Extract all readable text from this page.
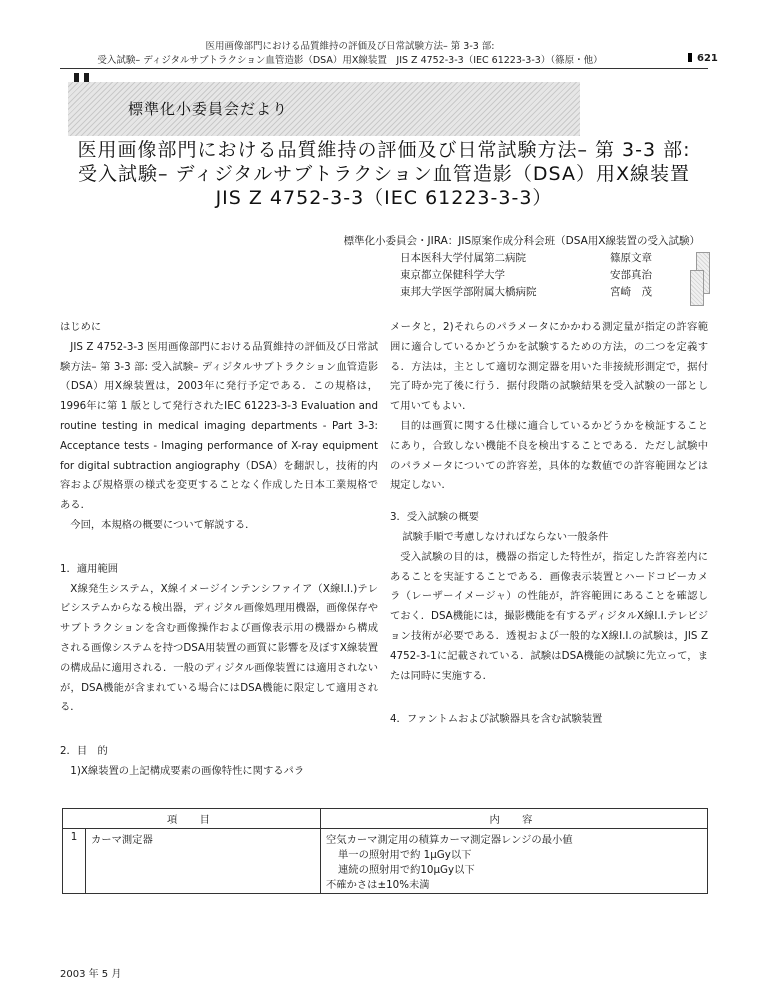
医用画像部門における品質維持の評価及び日常試験方法– 第 3-3 部:
受入試験– ディジタルサブトラクション血管造影（DSA）用X線装置　JIS Z 4752-3-3（IEC 61223-3-3）（篠原・他）	621
標準化小委員会だより
医用画像部門における品質維持の評価及び日常試験方法– 第 3-3 部:
受入試験– ディジタルサブトラクション血管造影（DSA）用X線装置
JIS Z 4752-3-3（IEC 61223-3-3）
標準化小委員会・JIRA：JIS原案作成分科会班（DSA用X線装置の受入試験）
日本医科大学付属第二病院	篠原文章
東京都立保健科学大学	安部真治
東邦大学医学部附属大橋病院	宮崎　茂

はじめに

JIS Z 4752-3-3 医用画像部門における品質維持の評価及び日常試験方法– 第 3-3 部: 受入試験– ディジタルサブトラクション血管造影（DSA）用X線装置は，2003年に発行予定である．この規格は，1996年に第 1 版として発行されたIEC 61223-3-3 Evaluation and routine testing in medical imaging departments - Part 3-3: Acceptance tests - Imaging performance of X-ray equipment for digital subtraction angiography（DSA）を翻訳し，技術的内容および規格票の様式を変更することなく作成した日本工業規格である．

今回，本規格の概要について解説する．

1．適用範囲

X線発生システム，X線イメージインテンシファイア（X線I.I.)テレビシステムからなる検出器，ディジタル画像処理用機器，画像保存やサブトラクションを含む画像操作および画像表示用の機器から構成される画像システムを持つDSA用装置の画質に影響を及ぼすX線装置の構成品に適用される．一般のディジタル画像装置には適用されないが，DSA機能が含まれている場合にはDSA機能に限定して適用される．

2．目　的

1)X線装置の上記構成要素の画像特性に関するパラ

メータと，2)それらのパラメータにかかわる測定量が指定の許容範囲に適合しているかどうかを試験するための方法，の二つを定義する．方法は，主として適切な測定器を用いた非接続形測定で，据付完了時か完了後に行う．据付段階の試験結果を受入試験の一部として用いてもよい．

目的は画質に関する仕様に適合しているかどうかを検証することにあり，合致しない機能不良を検出することである．ただし試験中のパラメータについての許容差，具体的な数値での許容範囲などは規定しない．

3．受入試験の概要

試験手順で考慮しなければならない一般条件

受入試験の目的は，機器の指定した特性が，指定した許容差内にあることを実証することである．画像表示装置とハードコピーカメラ（レーザーイメージャ）の性能が，許容範囲にあることを確認しておく．DSA機能には，撮影機能を有するディジタルX線I.I.テレビジョン技術が必要である．透視および一般的なX線I.I.の試験は，JIS Z 4752-3-1に記載されている．試験はDSA機能の試験に先立って，または同時に実施する．

4．ファントムおよび試験器具を含む試験装置

項　目		内　容
1	カーマ測定器	空気カーマ測定用の積算カーマ測定器レンジの最小値
単一の照射用で約 1μGy以下
連続の照射用で約10μGy以下
不確かさは±10%未満
2003 年 5 月
